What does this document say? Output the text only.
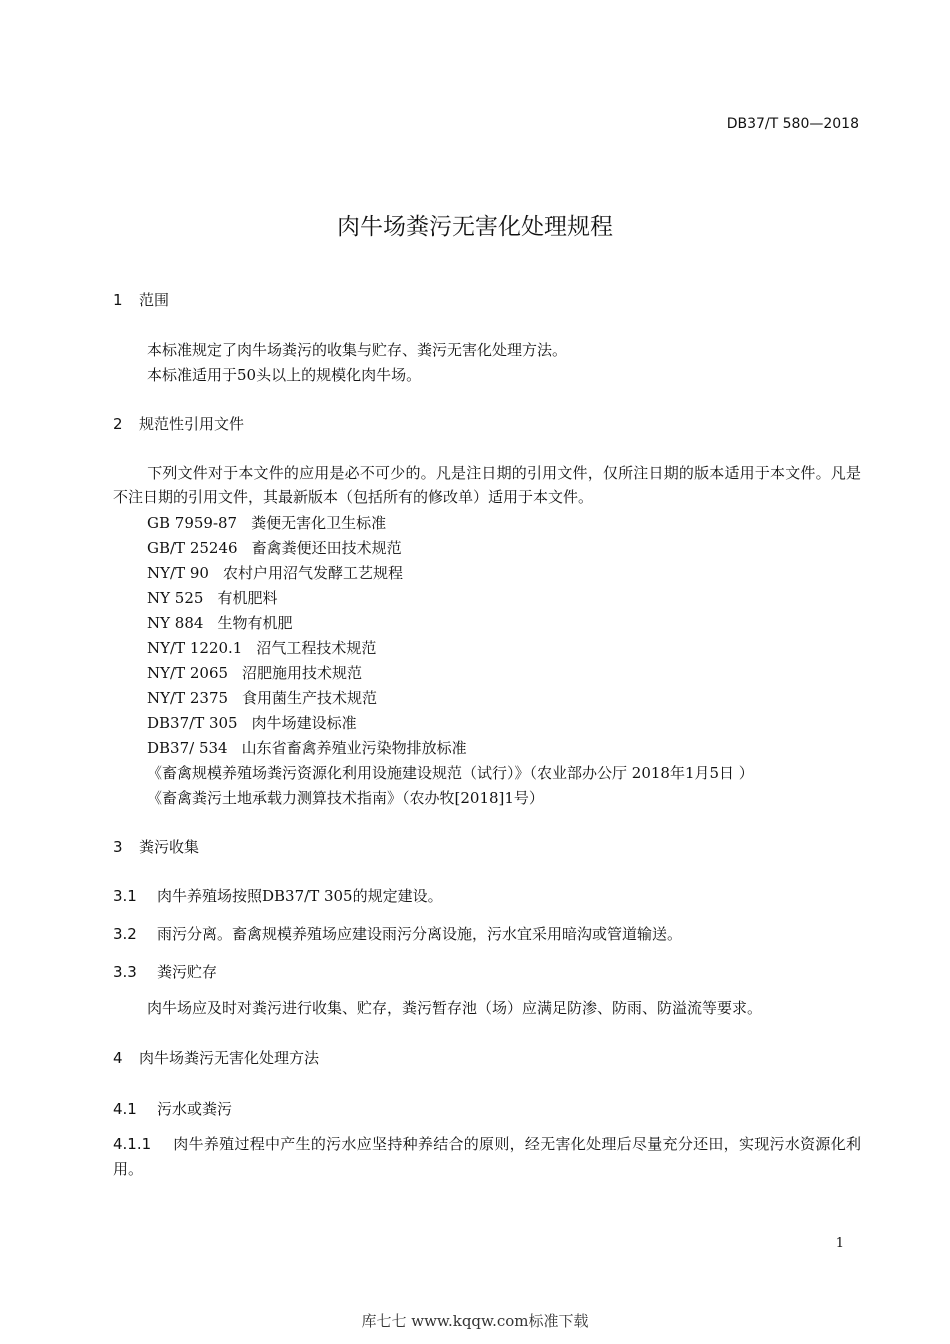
DB37/T 580—2018
肉牛场粪污无害化处理规程
1 范围
本标准规定了肉牛场粪污的收集与贮存、粪污无害化处理方法。
本标准适用于50头以上的规模化肉牛场。
2 规范性引用文件
下列文件对于本文件的应用是必不可少的。凡是注日期的引用文件，仅所注日期的版本适用于本文件。凡是不注日期的引用文件，其最新版本（包括所有的修改单）适用于本文件。
GB 7959-87 粪便无害化卫生标准
GB/T 25246 畜禽粪便还田技术规范
NY/T 90 农村户用沼气发酵工艺规程
NY 525 有机肥料
NY 884 生物有机肥
NY/T 1220.1 沼气工程技术规范
NY/T 2065 沼肥施用技术规范
NY/T 2375 食用菌生产技术规范
DB37/T 305 肉牛场建设标准
DB37/ 534 山东省畜禽养殖业污染物排放标准
《畜禽规模养殖场粪污资源化利用设施建设规范（试行）》（农业部办公厅 2018年1月5日 ）
《畜禽粪污土地承载力测算技术指南》（农办牧[2018]1号）
3 粪污收集
3.1 肉牛养殖场按照DB37/T 305的规定建设。
3.2 雨污分离。畜禽规模养殖场应建设雨污分离设施，污水宜采用暗沟或管道输送。
3.3 粪污贮存
肉牛场应及时对粪污进行收集、贮存，粪污暂存池（场）应满足防渗、防雨、防溢流等要求。
4 肉牛场粪污无害化处理方法
4.1 污水或粪污
4.1.1 肉牛养殖过程中产生的污水应坚持种养结合的原则，经无害化处理后尽量充分还田，实现污水资源化利用。
1
库七七 www.kqqw.com标准下载
